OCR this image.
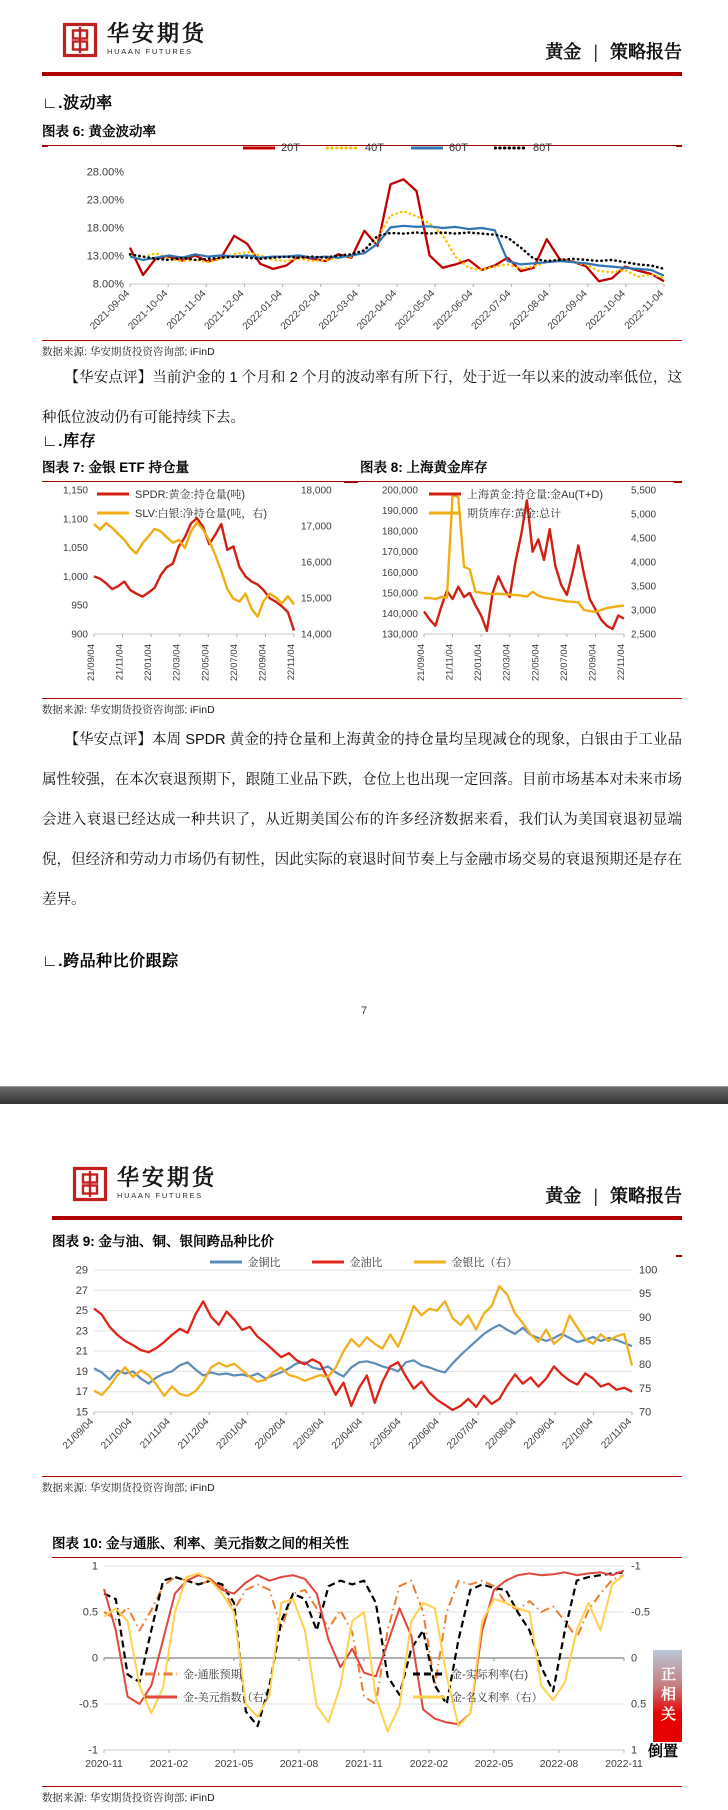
华安期货
HUAAN FUTURES	黄金 | 策略报告
∟.波动率
图表 6: 黄金波动率
28.00%
23.00%
18.00%
13.00%
8.00%
2021-09-04
2021-10-04
2021-11-04
2021-12-04
2022-01-04
2022-02-04
2022-03-04
2022-04-04
2022-05-04
2022-06-04
2022-07-04
2022-08-04
2022-09-04
2022-10-04
2022-11-04
20T	40T	60T	80T
数据来源: 华安期货投资咨询部; iFinD
【华安点评】当前沪金的 1 个月和 2 个月的波动率有所下行，处于近一年以来的波动率低位，这种低位波动仍有可能持续下去。
∟.库存
图表 7: 金银 ETF 持仓量	图表 8: 上海黄金库存
1,150
1,100
1,050
1,000
950
900
18,000
17,000
16,000
15,000
14,000
21/09/04 21/11/04 22/01/04 22/03/04 22/05/04 22/07/04 22/09/04 22/11/04
SPDR:黄金:持仓量(吨)
SLV:白银:净持仓量(吨，右)
200,000
190,000
180,000
170,000
160,000
150,000
140,000
130,000
5,500
5,000
4,500
4,000
3,500
3,000
2,500
21/09/04 21/11/04 22/01/04 22/03/04 22/05/04 22/07/04 22/09/04 22/11/04
上海黄金:持仓量:金Au(T+D)
期货库存:黄金:总计
数据来源: 华安期货投资咨询部; iFinD
【华安点评】本周 SPDR 黄金的持仓量和上海黄金的持仓量均呈现减仓的现象，白银由于工业品属性较强，在本次衰退预期下，跟随工业品下跌，仓位上也出现一定回落。目前市场基本对未来市场会进入衰退已经达成一种共识了，从近期美国公布的许多经济数据来看，我们认为美国衰退初显端倪，但经济和劳动力市场仍有韧性，因此实际的衰退时间节奏上与金融市场交易的衰退预期还是存在差异。
∟.跨品种比价跟踪
7
华安期货
HUAAN FUTURES	黄金 | 策略报告
图表 9: 金与油、铜、银间跨品种比价
图表 10: 金与通胀、利率、美元指数之间的相关性
29
27
25
23
21
19
17
15
100
95
90
85
80
75
70
21/09/04 21/10/04 21/11/04 21/12/04 22/01/04 22/02/04 22/03/04 22/04/04 22/05/04 22/06/04 22/07/04 22/08/04 22/09/04 22/10/04 22/11/04
金铜比	金油比	金银比（右）
数据来源: 华安期货投资咨询部; iFinD
1
0.5
0
-0.5
-1
-1
-0.5
0
0.5
1
2020-11	2021-02	2021-05	2021-08	2021-11	2022-02	2022-05	2022-08	2022-11
金-通胀预期	金-实际利率(右)
金-美元指数（右）	金-名义利率（右）	正相关
倒置
数据来源: 华安期货投资咨询部; iFinD
